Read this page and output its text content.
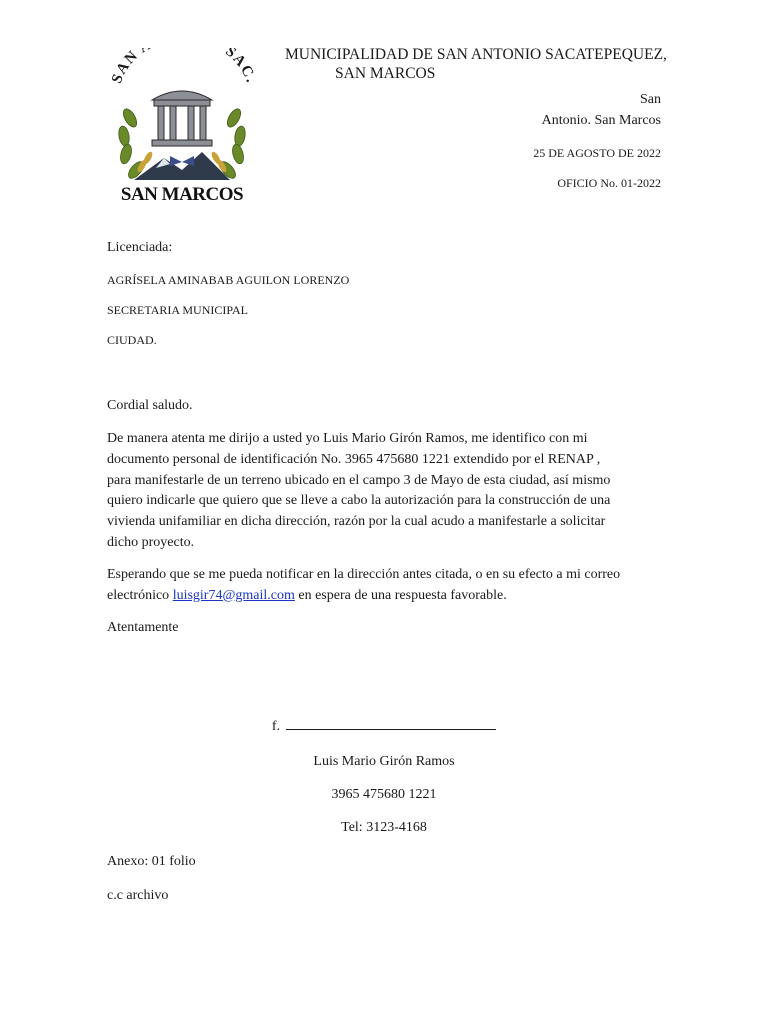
SAN SAC.
SAN MARCOS
MUNICIPALIDAD DE SAN ANTONIO SACATEPEQUEZ,
SAN MARCOS
San
Antonio. San Marcos
25 DE AGOSTO DE 2022
OFICIO No. 01-2022
Licenciada:
AGRÍSELA AMINABAB AGUILON LORENZO
SECRETARIA MUNICIPAL
CIUDAD.
Cordial saludo.
De manera atenta me dirijo a usted yo Luis Mario Girón Ramos, me identifico con mi
documento personal de identificación No. 3965 475680 1221 extendido por el RENAP ,
para manifestarle de un terreno ubicado en el campo 3 de Mayo de esta ciudad, así mismo
quiero indicarle que quiero que se lleve a cabo la autorización para la construcción de una
vivienda unifamiliar en dicha dirección, razón por la cual acudo a manifestarle a solicitar
dicho proyecto.
Esperando que se me pueda notificar en la dirección antes citada, o en su efecto a mi correo
electrónico luisgir74@gmail.com en espera de una respuesta favorable.
Atentamente
f.
Luis Mario Girón Ramos
3965 475680 1221
Tel: 3123-4168
Anexo: 01 folio
c.c archivo
